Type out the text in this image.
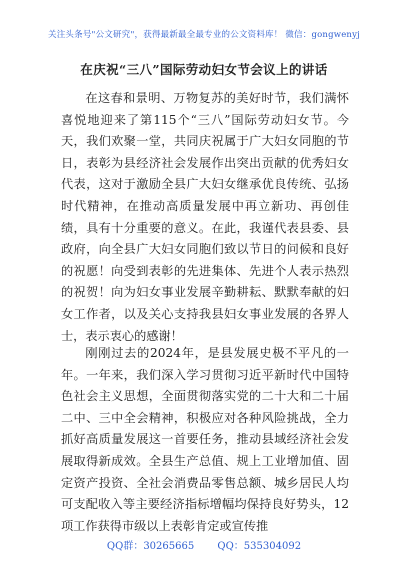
关注头条号"公文研究"，获得最新最全最专业的公文资料库！ 微信：gongwenyj
在庆祝“三八”国际劳动妇女节会议上的讲话

在这春和景明、万物复苏的美好时节，我们满怀喜悦地迎来了第115个“三八”国际劳动妇女节。今天，我们欢聚一堂，共同庆祝属于广大妇女同胞的节日，表彰为县经济社会发展作出突出贡献的优秀妇女代表，这对于激励全县广大妇女继承优良传统、弘扬时代精神，在推动高质量发展中再立新功、再创佳绩，具有十分重要的意义。在此，我谨代表县委、县政府，向全县广大妇女同胞们致以节日的问候和良好的祝愿！向受到表彰的先进集体、先进个人表示热烈的祝贺！向为妇女事业发展辛勤耕耘、默默奉献的妇女工作者，以及关心支持我县妇女事业发展的各界人士，表示衷心的感谢！

刚刚过去的2024年，是县发展史极不平凡的一年。一年来，我们深入学习贯彻习近平新时代中国特色社会主义思想，全面贯彻落实党的二十大和二十届二中、三中全会精神，积极应对各种风险挑战，全力抓好高质量发展这一首要任务，推动县域经济社会发展取得新成效。全县生产总值、规上工业增加值、固定资产投资、全社会消费品零售总额、城乡居民人均可支配收入等主要经济指标增幅均保持良好势头，12项工作获得市级以上表彰肯定或宣传推

QQ群：30265665 QQ：535304092
